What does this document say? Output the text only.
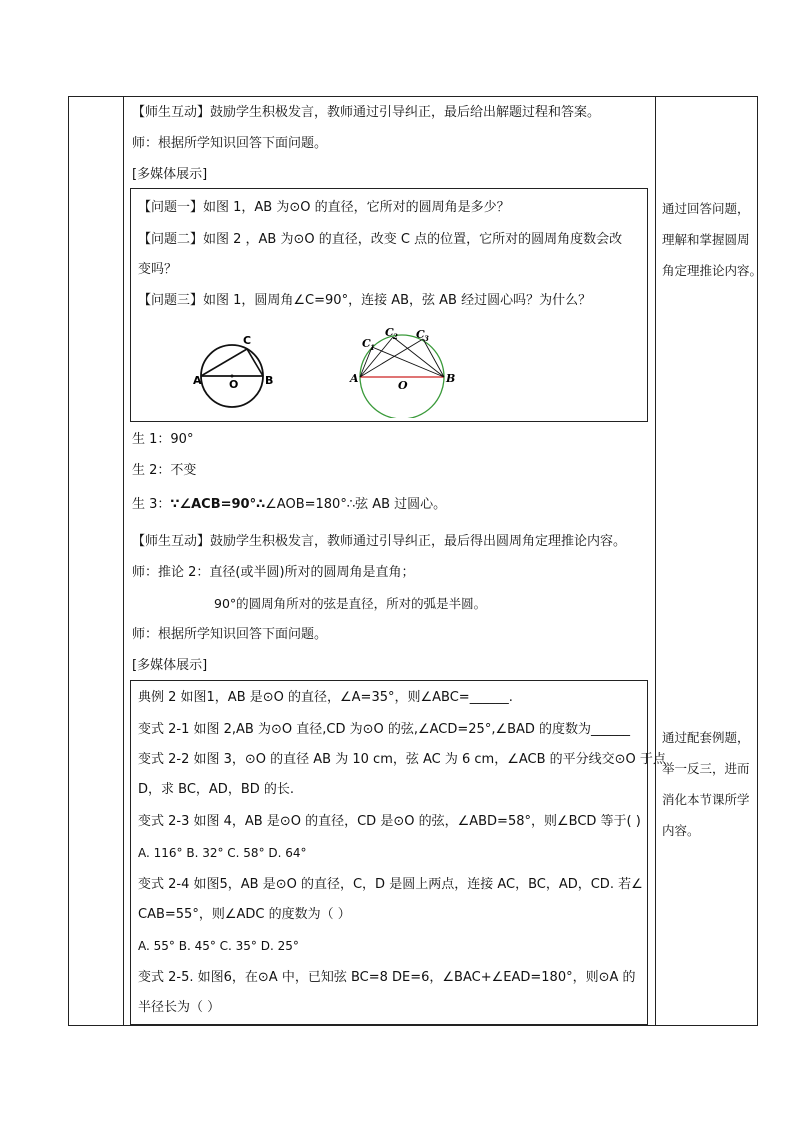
【师生互动】鼓励学生积极发言，教师通过引导纠正，最后给出解题过程和答案。
师：根据所学知识回答下面问题。
[多媒体展示]
【问题一】如图 1，AB 为⊙O 的直径，它所对的圆周角是多少？
【问题二】如图 2 ，AB 为⊙O 的直径，改变 C 点的位置，它所对的圆周角度数会改
变吗？
【问题三】如图 1，圆周角∠C=90°，连接 AB，弦 AB 经过圆心吗？为什么？
A	B
C
O	A	B
O
C 1
C 2 C 3
生 1：90°
生 2：不变
生 3：∵∠ACB=90°∴∠AOB=180°∴弦 AB 过圆心。
【师生互动】鼓励学生积极发言，教师通过引导纠正，最后得出圆周角定理推论内容。
师：推论 2：直径(或半圆)所对的圆周角是直角；
90°的圆周角所对的弦是直径，所对的弧是半圆。
师：根据所学知识回答下面问题。
[多媒体展示]
典例 2 如图1，AB 是⊙O 的直径，∠A=35°，则∠ABC=______.
变式 2-1 如图 2,AB 为⊙O 直径,CD 为⊙O 的弦,∠ACD=25°,∠BAD 的度数为______
变式 2-2 如图 3，⊙O 的直径 AB 为 10 cm，弦 AC 为 6 cm，∠ACB 的平分线交⊙O 于点
D，求 BC，AD，BD 的长.
变式 2-3 如图 4，AB 是⊙O 的直径，CD 是⊙O 的弦，∠ABD=58°，则∠BCD 等于( )
A. 116° B. 32° C. 58° D. 64°
变式 2-4 如图5，AB 是⊙O 的直径，C，D 是圆上两点，连接 AC，BC，AD，CD. 若∠
CAB=55°，则∠ADC 的度数为（ ）
A. 55° B. 45° C. 35° D. 25°
变式 2-5. 如图6，在⊙A 中，已知弦 BC=8 DE=6，∠BAC+∠EAD=180°，则⊙A 的
半径长为（ ）
通过回答问题，
理解和掌握圆周
角定理推论内容。
通过配套例题，
举一反三，进而
消化本节课所学
内容。
